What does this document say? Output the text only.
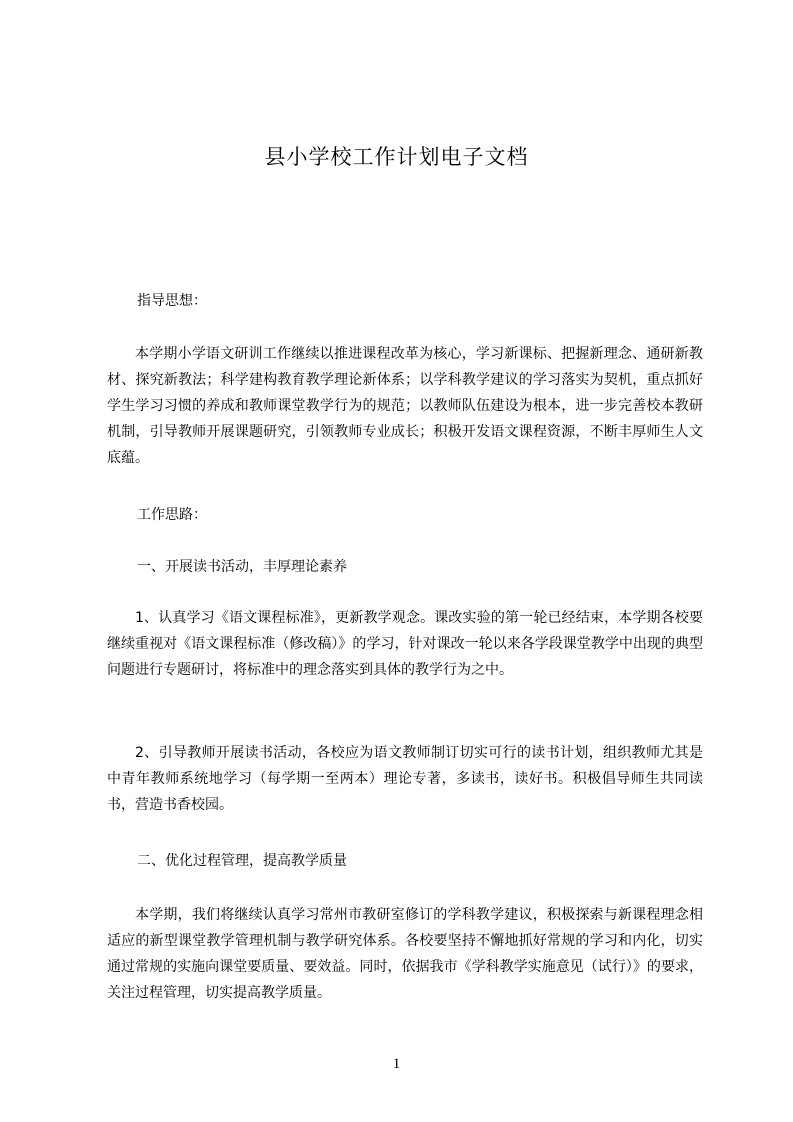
县小学校工作计划电子文档
指导思想：
本学期小学语文研训工作继续以推进课程改革为核心，学习新课标、把握新理念、通研新教材、探究新教法；科学建构教育教学理论新体系；以学科教学建议的学习落实为契机，重点抓好学生学习习惯的养成和教师课堂教学行为的规范；以教师队伍建设为根本，进一步完善校本教研机制，引导教师开展课题研究，引领教师专业成长；积极开发语文课程资源，不断丰厚师生人文底蕴。
工作思路：
一、开展读书活动，丰厚理论素养
1、认真学习《语文课程标准》，更新教学观念。课改实验的第一轮已经结束，本学期各校要继续重视对《语文课程标准（修改稿）》的学习，针对课改一轮以来各学段课堂教学中出现的典型问题进行专题研讨，将标准中的理念落实到具体的教学行为之中。
2、引导教师开展读书活动，各校应为语文教师制订切实可行的读书计划，组织教师尤其是中青年教师系统地学习（每学期一至两本）理论专著，多读书，读好书。积极倡导师生共同读书，营造书香校园。
二、优化过程管理，提高教学质量
本学期，我们将继续认真学习常州市教研室修订的学科教学建议，积极探索与新课程理念相适应的新型课堂教学管理机制与教学研究体系。各校要坚持不懈地抓好常规的学习和内化，切实通过常规的实施向课堂要质量、要效益。同时，依据我市《学科教学实施意见（试行）》的要求，关注过程管理，切实提高教学质量。
1
